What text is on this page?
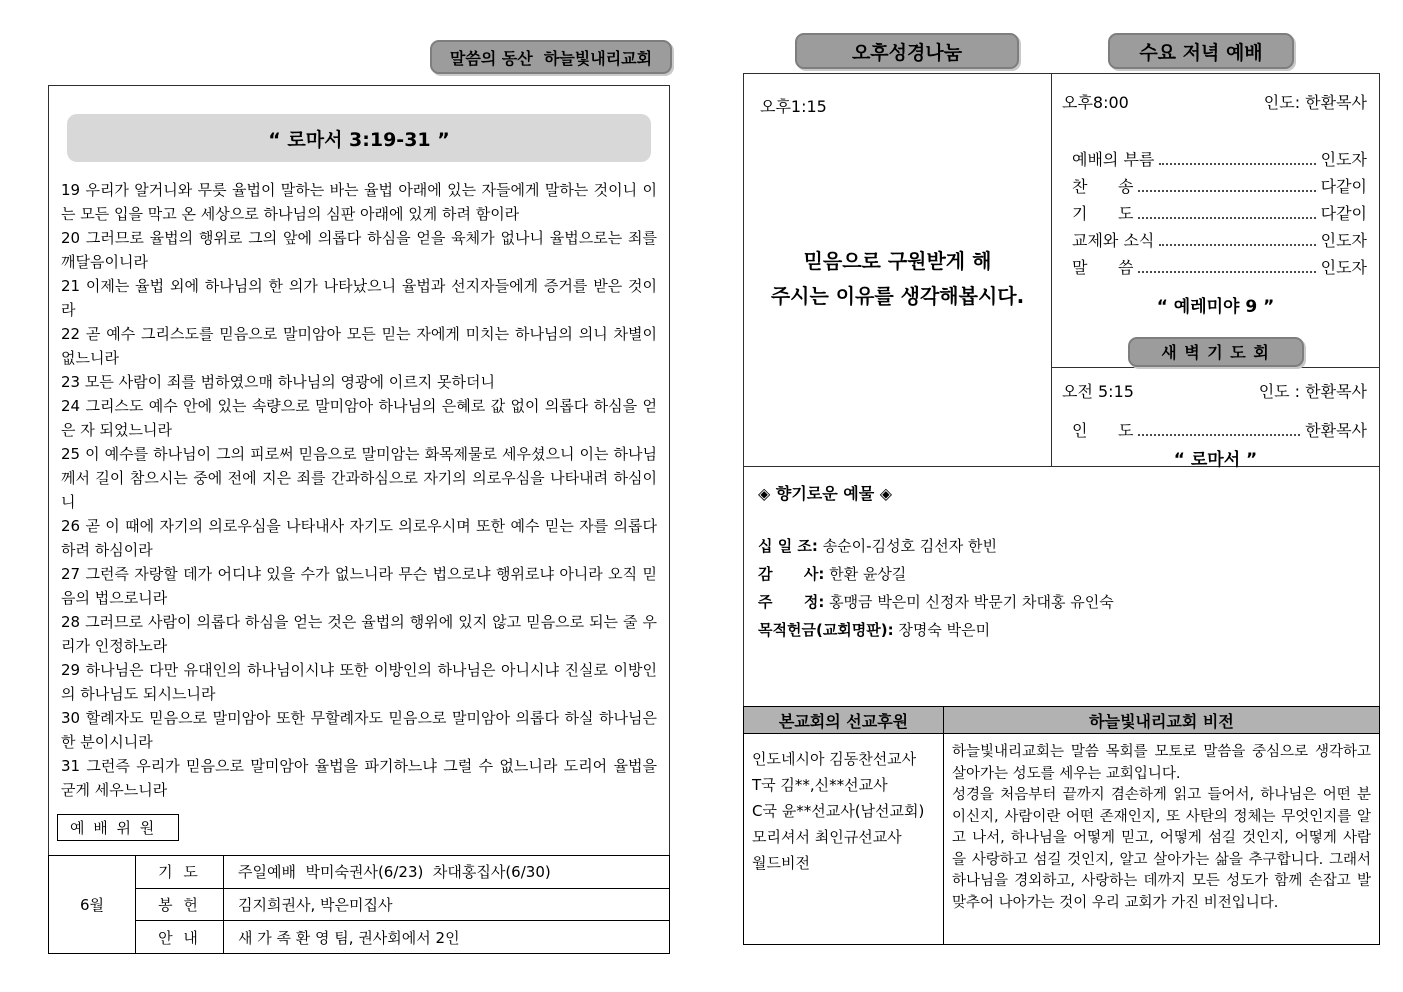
말씀의 동산  하늘빛내리교회	오후성경나눔	수요 저녁 예배
“ 로마서 3:19-31 ”

19 우리가 알거니와 무릇 율법이 말하는 바는 율법 아래에 있는 자들에게 말하는 것이니 이는 모든 입을 막고 온 세상으로 하나님의 심판 아래에 있게 하려 함이라

20 그러므로 율법의 행위로 그의 앞에 의롭다 하심을 얻을 육체가 없나니 율법으로는 죄를 깨달음이니라

21 이제는 율법 외에 하나님의 한 의가 나타났으니 율법과 선지자들에게 증거를 받은 것이라

22 곧 예수 그리스도를 믿음으로 말미암아 모든 믿는 자에게 미치는 하나님의 의니 차별이 없느니라

23 모든 사람이 죄를 범하였으매 하나님의 영광에 이르지 못하더니

24 그리스도 예수 안에 있는 속량으로 말미암아 하나님의 은혜로 값 없이 의롭다 하심을 얻은 자 되었느니라

25 이 예수를 하나님이 그의 피로써 믿음으로 말미암는 화목제물로 세우셨으니 이는 하나님께서 길이 참으시는 중에 전에 지은 죄를 간과하심으로 자기의 의로우심을 나타내려 하심이니

26 곧 이 때에 자기의 의로우심을 나타내사 자기도 의로우시며 또한 예수 믿는 자를 의롭다 하려 하심이라

27 그런즉 자랑할 데가 어디냐 있을 수가 없느니라 무슨 법으로냐 행위로냐 아니라 오직 믿음의 법으로니라

28 그러므로 사람이 의롭다 하심을 얻는 것은 율법의 행위에 있지 않고 믿음으로 되는 줄 우리가 인정하노라

29 하나님은 다만 유대인의 하나님이시냐 또한 이방인의 하나님은 아니시냐 진실로 이방인의 하나님도 되시느니라

30 할례자도 믿음으로 말미암아 또한 무할례자도 믿음으로 말미암아 의롭다 하실 하나님은 한 분이시니라

31 그런즉 우리가 믿음으로 말미암아 율법을 파기하느냐 그럴 수 없느니라 도리어 율법을 굳게 세우느니라

예 배 위 원
6월	기 도	주일예배  박미숙권사(6/23)  차대홍집사(6/30)
	봉 헌	김지희권사, 박은미집사
	안 내	새 가 족 환 영 팀, 권사회에서 2인
오후1:15
믿음으로 구원받게 해
주시는 이유를 생각해봅시다.
오후8:00	인도: 한환목사
예배의 부름	인도자
찬      송	다같이
기      도	다같이
교제와 소식	인도자
말      씀	인도자
“ 예레미야 9 ”
새 벽 기 도 회
오전 5:15	인도 : 한환목사
인      도	한환목사
“ 로마서 ”
◈ 향기로운 예물 ◈
십 일 조: 송순이-김성호 김선자 한빈
감      사: 한환 윤상길
주      정: 홍맹금 박은미 신정자 박문기 차대홍 유인숙
목적헌금(교회명판): 장명숙 박은미
본교회의 선교후원	하늘빛내리교회 비전
인도네시아 김동찬선교사
T국 김**,신**선교사
C국 윤**선교사(남선교회)
모리셔서 최인규선교사
월드비전

하늘빛내리교회는 말씀 목회를 모토로 말씀을 중심으로 생각하고 살아가는 성도를 세우는 교회입니다.

성경을 처음부터 끝까지 겸손하게 읽고 들어서, 하나님은 어떤 분이신지, 사람이란 어떤 존재인지, 또 사탄의 정체는 무엇인지를 알고 나서, 하나님을 어떻게 믿고, 어떻게 섬길 것인지, 어떻게 사람을 사랑하고 섬길 것인지, 알고 살아가는 삶을 추구합니다. 그래서 하나님을 경외하고, 사랑하는 데까지 모든 성도가 함께 손잡고 발맞추어 나아가는 것이 우리 교회가 가진 비전입니다.
